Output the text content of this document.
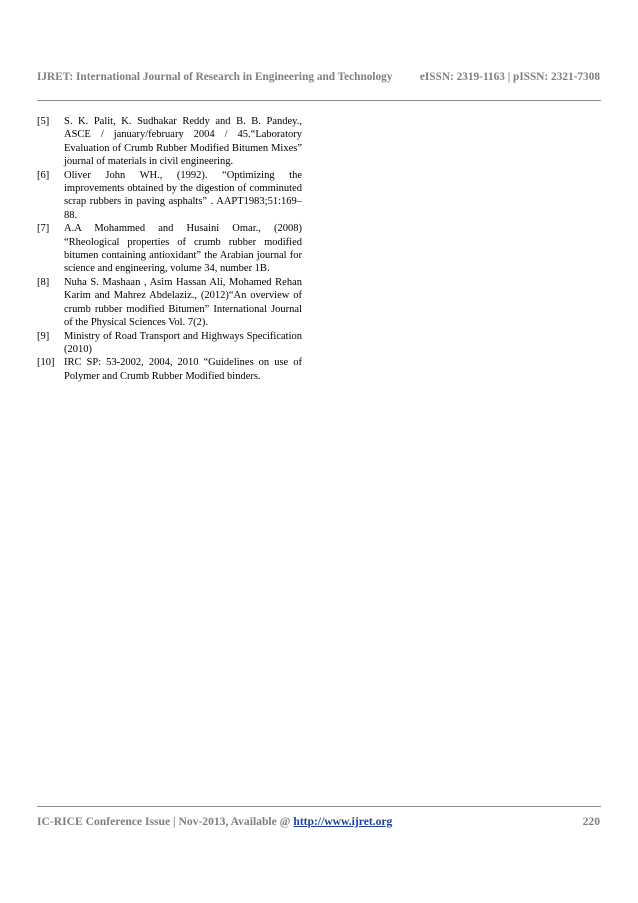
IJRET: International Journal of Research in Engineering and Technology eISSN: 2319-1163 | pISSN: 2321-7308
[5]	S. K. Palit, K. Sudhakar Reddy and B. B. Pandey., ASCE / january/february 2004 / 45.“Laboratory Evaluation of Crumb Rubber Modified Bitumen Mixes” journal of materials in civil engineering.
[6]	Oliver John WH., (1992). “Optimizing the improvements obtained by the digestion of comminuted scrap rubbers in paving asphalts” . AAPT1983;51:169–88.
[7]	A.A Mohammed and Husaini Omar., (2008) “Rheological properties of crumb rubber modified bitumen containing antioxidant” the Arabian journal for science and engineering, volume 34, number 1B.
[8]	Nuha S. Mashaan , Asim Hassan Ali, Mohamed Rehan Karim and Mahrez Abdelaziz., (2012)“An overview of crumb rubber modified Bitumen” International Journal of the Physical Sciences Vol. 7(2).
[9]	Ministry of Road Transport and Highways Specification (2010)
[10] IRC SP: 53-2002, 2004, 2010 “Guidelines on use of Polymer and Crumb Rubber Modified binders.
IC-RICE Conference Issue | Nov-2013, Available @ http://www.ijret.org	220
